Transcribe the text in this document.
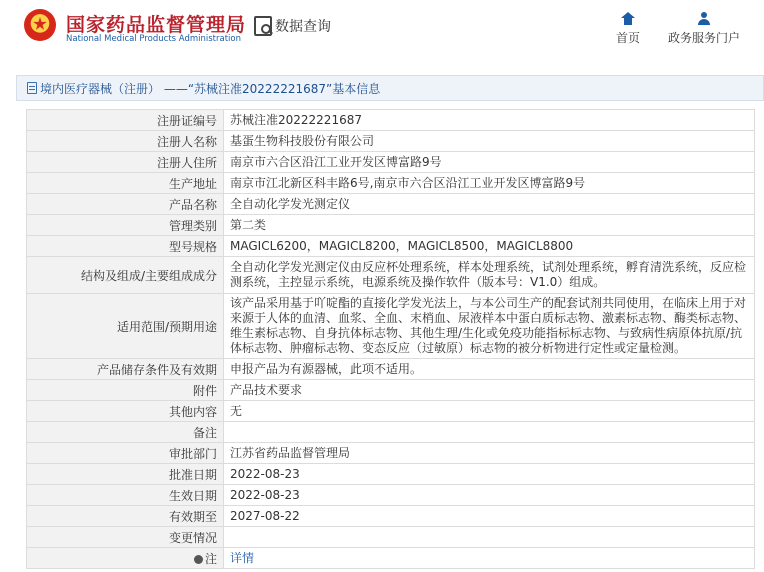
国家药品监督管理局
National Medical Products Administration
数据查询
首页 政务服务门户
境内医疗器械（注册） ——“苏械注准20222221687”基本信息
注册证编号	苏械注准20222221687
注册人名称	基蛋生物科技股份有限公司
注册人住所	南京市六合区沿江工业开发区博富路9号
生产地址	南京市江北新区科丰路6号,南京市六合区沿江工业开发区博富路9号
产品名称	全自动化学发光测定仪
管理类别	第二类
型号规格	MAGICL6200，MAGICL8200，MAGICL8500，MAGICL8800
结构及组成/主要组成成分	全自动化学发光测定仪由反应杯处理系统，样本处理系统，试剂处理系统，孵育清洗系统，反应检测系统，主控显示系统，电源系统及操作软件（版本号：V1.0）组成。
适用范围/预期用途	该产品采用基于吖啶酯的直接化学发光法上，与本公司生产的配套试剂共同使用，在临床上用于对来源于人体的血清、血浆、全血、末梢血、尿液样本中蛋白质标志物、激素标志物、酶类标志物、维生素标志物、自身抗体标志物、其他生理/生化或免疫功能指标标志物、与致病性病原体抗原/抗体标志物、肿瘤标志物、变态反应（过敏原）标志物的被分析物进行定性或定量检测。
产品储存条件及有效期	申报产品为有源器械，此项不适用。
附件	产品技术要求
其他内容	无
备注	
审批部门	江苏省药品监督管理局
批准日期	2022-08-23
生效日期	2022-08-23
有效期至	2027-08-22
变更情况	
注	详情
